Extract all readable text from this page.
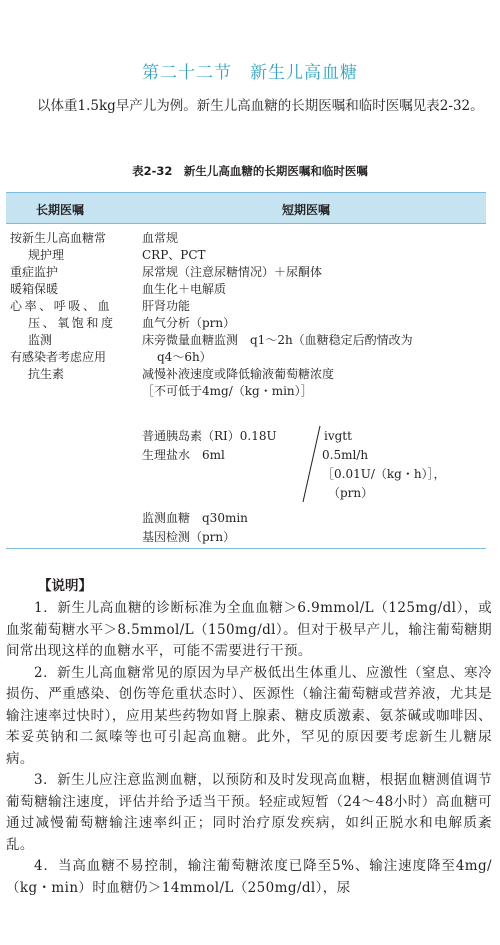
第二十二节　新生儿高血糖
以体重1.5kg早产儿为例。新生儿高血糖的长期医嘱和临时医嘱见表2-32。
表2-32　新生儿高血糖的长期医嘱和临时医嘱
长期医嘱	短期医嘱
按新生儿高血糖常
规护理
重症监护
暖箱保暖
心率、呼吸、血
压、氧饱和度
监测
有感染者考虑应用
抗生素
血常规
CRP、PCT
尿常规（注意尿糖情况）＋尿酮体
血生化＋电解质
肝肾功能
血气分析（prn）
床旁微量血糖监测　q1～2h（血糖稳定后酌情改为
q4～6h）
减慢补液速度或降低输液葡萄糖浓度
［不可低于4mg/（kg・min）］
普通胰岛素（RI）0.18U
生理盐水　6ml
ivgtt
0.5ml/h
［0.01U/（kg・h）］，
（prn）
监测血糖　q30min
基因检测（prn）
【说明】

1．新生儿高血糖的诊断标准为全血血糖＞6.9mmol/L（125mg/dl），或血浆葡萄糖水平＞8.5mmol/L（150mg/dl）。但对于极早产儿，输注葡萄糖期间常出现这样的血糖水平，可能不需要进行干预。

2．新生儿高血糖常见的原因为早产极低出生体重儿、应激性（窒息、寒冷损伤、严重感染、创伤等危重状态时）、医源性（输注葡萄糖或营养液，尤其是输注速率过快时），应用某些药物如肾上腺素、糖皮质激素、氨茶碱或咖啡因、苯妥英钠和二氮嗪等也可引起高血糖。此外，罕见的原因要考虑新生儿糖尿病。

3．新生儿应注意监测血糖，以预防和及时发现高血糖，根据血糖测值调节葡萄糖输注速度，评估并给予适当干预。轻症或短暂（24～48小时）高血糖可通过减慢葡萄糖输注速率纠正；同时治疗原发疾病，如纠正脱水和电解质紊乱。

4．当高血糖不易控制，输注葡萄糖浓度已降至5%、输注速度降至4mg/（kg・min）时血糖仍＞14mmol/L（250mg/dl），尿
